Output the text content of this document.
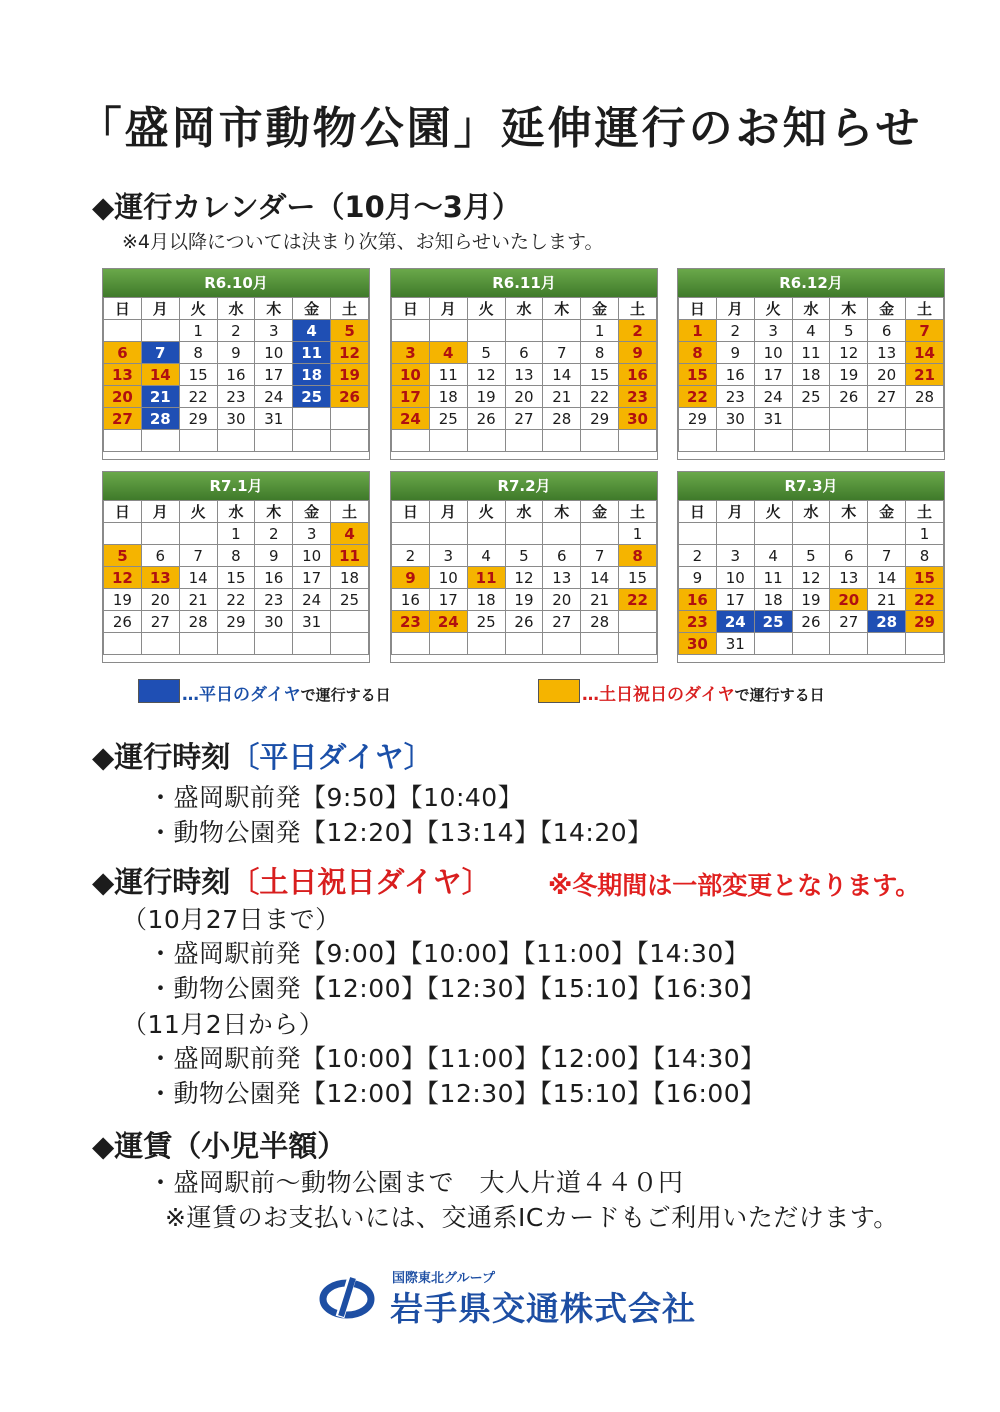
「盛岡市動物公園」延伸運行のお知らせ
◆運行カレンダー（10月～3月）
※4月以降については決まり次第、お知らせいたします。
R6.10月
日	月	火	水	木	金	土
		1	2	3	4	5
6	7	8	9	10	11	12
13	14	15	16	17	18	19
20	21	22	23	24	25	26
27	28	29	30	31		

R6.11月
日	月	火	水	木	金	土
					1	2
3	4	5	6	7	8	9
10	11	12	13	14	15	16
17	18	19	20	21	22	23
24	25	26	27	28	29	30

R6.12月
日	月	火	水	木	金	土
1	2	3	4	5	6	7
8	9	10	11	12	13	14
15	16	17	18	19	20	21
22	23	24	25	26	27	28
29	30	31				

R7.1月
日	月	火	水	木	金	土
			1	2	3	4
5	6	7	8	9	10	11
12	13	14	15	16	17	18
19	20	21	22	23	24	25
26	27	28	29	30	31	

R7.2月
日	月	火	水	木	金	土
						1
2	3	4	5	6	7	8
9	10	11	12	13	14	15
16	17	18	19	20	21	22
23	24	25	26	27	28	

R7.3月
日	月	火	水	木	金	土
						1
2	3	4	5	6	7	8
9	10	11	12	13	14	15
16	17	18	19	20	21	22
23	24	25	26	27	28	29
30	31					
…平日のダイヤで運行する日	…土日祝日のダイヤで運行する日
◆運行時刻〔平日ダイヤ〕
・盛岡駅前発【9:50】【10:40】
・動物公園発【12:20】【13:14】【14:20】
◆運行時刻〔土日祝日ダイヤ〕 ※冬期間は一部変更となります。
（10月27日まで）
・盛岡駅前発【9:00】【10:00】【11:00】【14:30】
・動物公園発【12:00】【12:30】【15:10】【16:30】
（11月2日から）
・盛岡駅前発【10:00】【11:00】【12:00】【14:30】
・動物公園発【12:00】【12:30】【15:10】【16:00】
◆運賃（小児半額）
・盛岡駅前～動物公園まで　大人片道４４０円
※運賃のお支払いには、交通系ICカードもご利用いただけます。
国際東北グループ
岩手県交通株式会社
